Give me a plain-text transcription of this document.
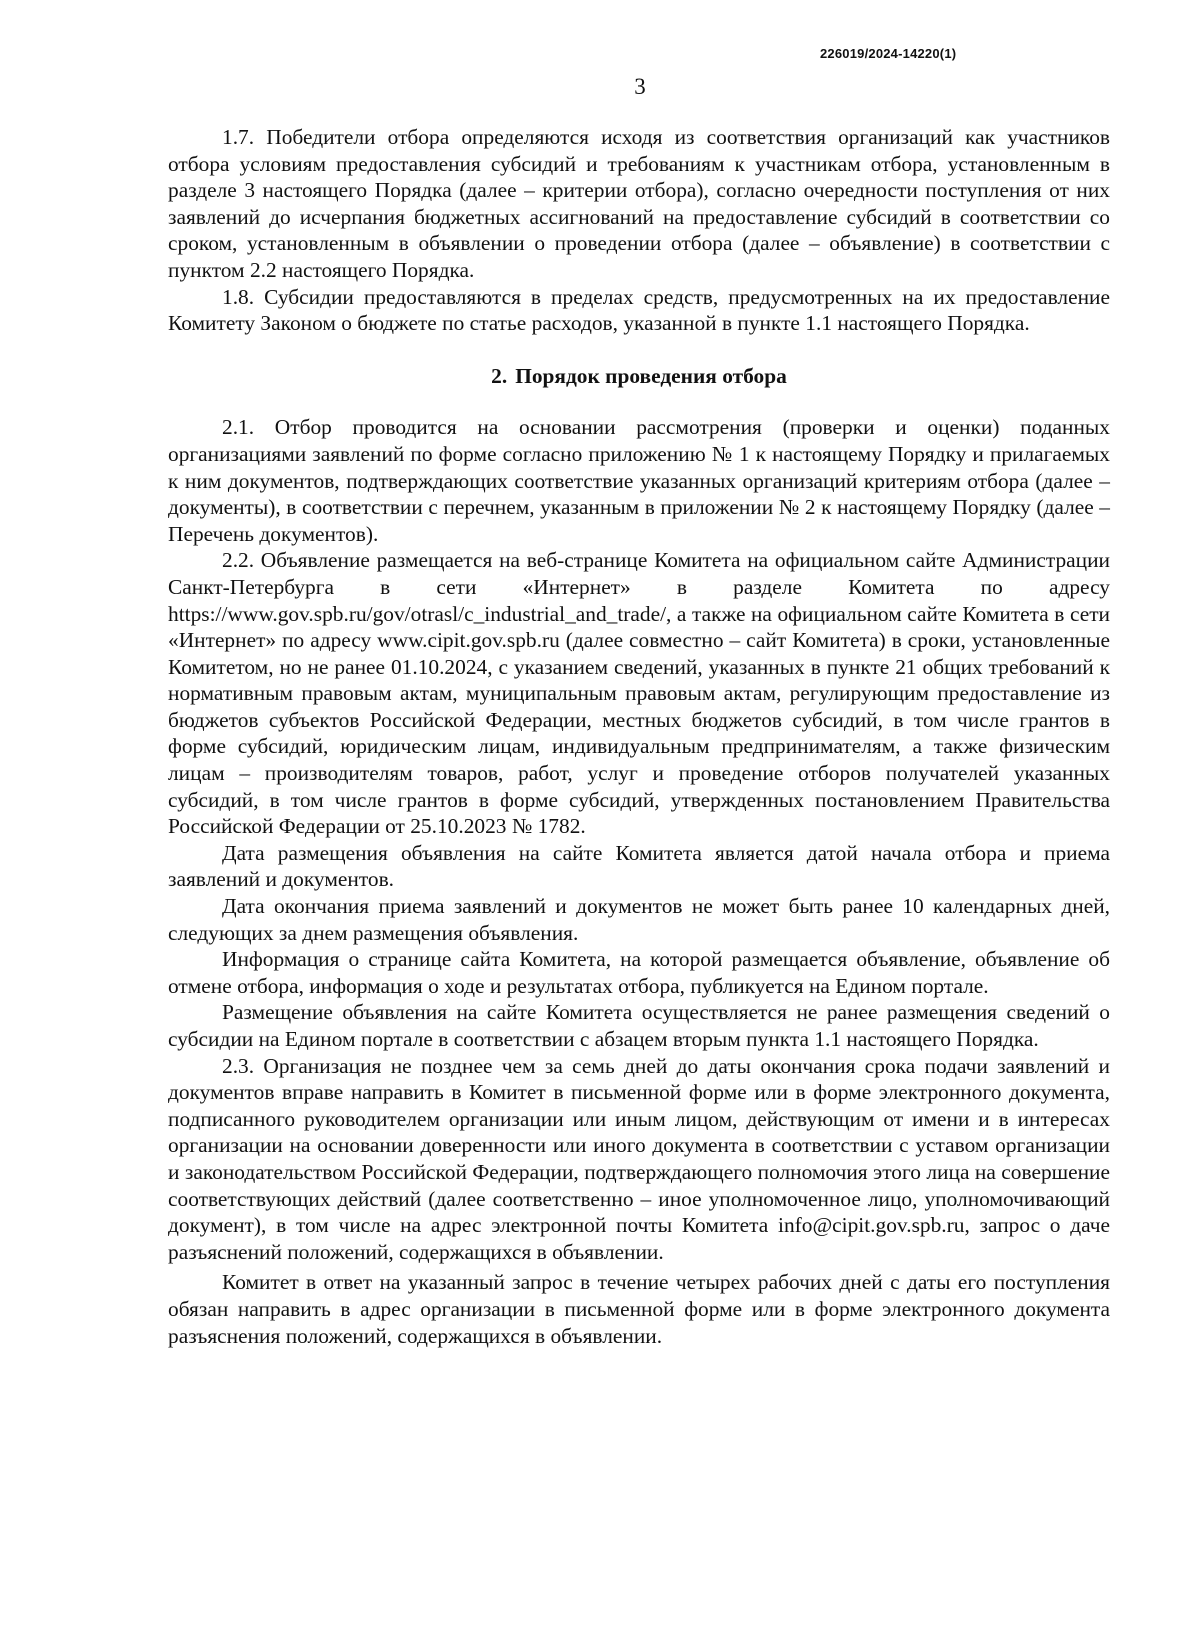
226019/2024-14220(1)
3

1.7. Победители отбора определяются исходя из соответствия организаций как участников отбора условиям предоставления субсидий и требованиям к участникам отбора, установленным в разделе 3 настоящего Порядка (далее – критерии отбора), согласно очередности поступления от них заявлений до исчерпания бюджетных ассигнований на предоставление субсидий в соответствии со сроком, установленным в объявлении о проведении отбора (далее – объявление) в соответствии с пунктом 2.2 настоящего Порядка.

1.8. Субсидии предоставляются в пределах средств, предусмотренных на их предоставление Комитету Законом о бюджете по статье расходов, указанной в пункте 1.1 настоящего Порядка.

2. Порядок проведения отбора

2.1. Отбор проводится на основании рассмотрения (проверки и оценки) поданных организациями заявлений по форме согласно приложению № 1 к настоящему Порядку и прилагаемых к ним документов, подтверждающих соответствие указанных организаций критериям отбора (далее – документы), в соответствии с перечнем, указанным в приложении № 2 к настоящему Порядку (далее – Перечень документов).

2.2. Объявление размещается на веб-странице Комитета на официальном сайте Администрации Санкт-Петербурга в сети «Интернет» в разделе Комитета по адресу https://www.gov.spb.ru/gov/otrasl/c_industrial_and_trade/, а также на официальном сайте Комитета в сети «Интернет» по адресу www.cipit.gov.spb.ru (далее совместно – сайт Комитета) в сроки, установленные Комитетом, но не ранее 01.10.2024, с указанием сведений, указанных в пункте 21 общих требований к нормативным правовым актам, муниципальным правовым актам, регулирующим предоставление из бюджетов субъектов Российской Федерации, местных бюджетов субсидий, в том числе грантов в форме субсидий, юридическим лицам, индивидуальным предпринимателям, а также физическим лицам – производителям товаров, работ, услуг и проведение отборов получателей указанных субсидий, в том числе грантов в форме субсидий, утвержденных постановлением Правительства Российской Федерации от 25.10.2023 № 1782.

Дата размещения объявления на сайте Комитета является датой начала отбора и приема заявлений и документов.

Дата окончания приема заявлений и документов не может быть ранее 10 календарных дней, следующих за днем размещения объявления.

Информация о странице сайта Комитета, на которой размещается объявление, объявление об отмене отбора, информация о ходе и результатах отбора, публикуется на Едином портале.

Размещение объявления на сайте Комитета осуществляется не ранее размещения сведений о субсидии на Едином портале в соответствии с абзацем вторым пункта 1.1 настоящего Порядка.

2.3. Организация не позднее чем за семь дней до даты окончания срока подачи заявлений и документов вправе направить в Комитет в письменной форме или в форме электронного документа, подписанного руководителем организации или иным лицом, действующим от имени и в интересах организации на основании доверенности или иного документа в соответствии с уставом организации и законодательством Российской Федерации, подтверждающего полномочия этого лица на совершение соответствующих действий (далее соответственно – иное уполномоченное лицо, уполномочивающий документ), в том числе на адрес электронной почты Комитета info@cipit.gov.spb.ru, запрос о даче разъяснений положений, содержащихся в объявлении.

Комитет в ответ на указанный запрос в течение четырех рабочих дней с даты его поступления обязан направить в адрес организации в письменной форме или в форме электронного документа разъяснения положений, содержащихся в объявлении.
